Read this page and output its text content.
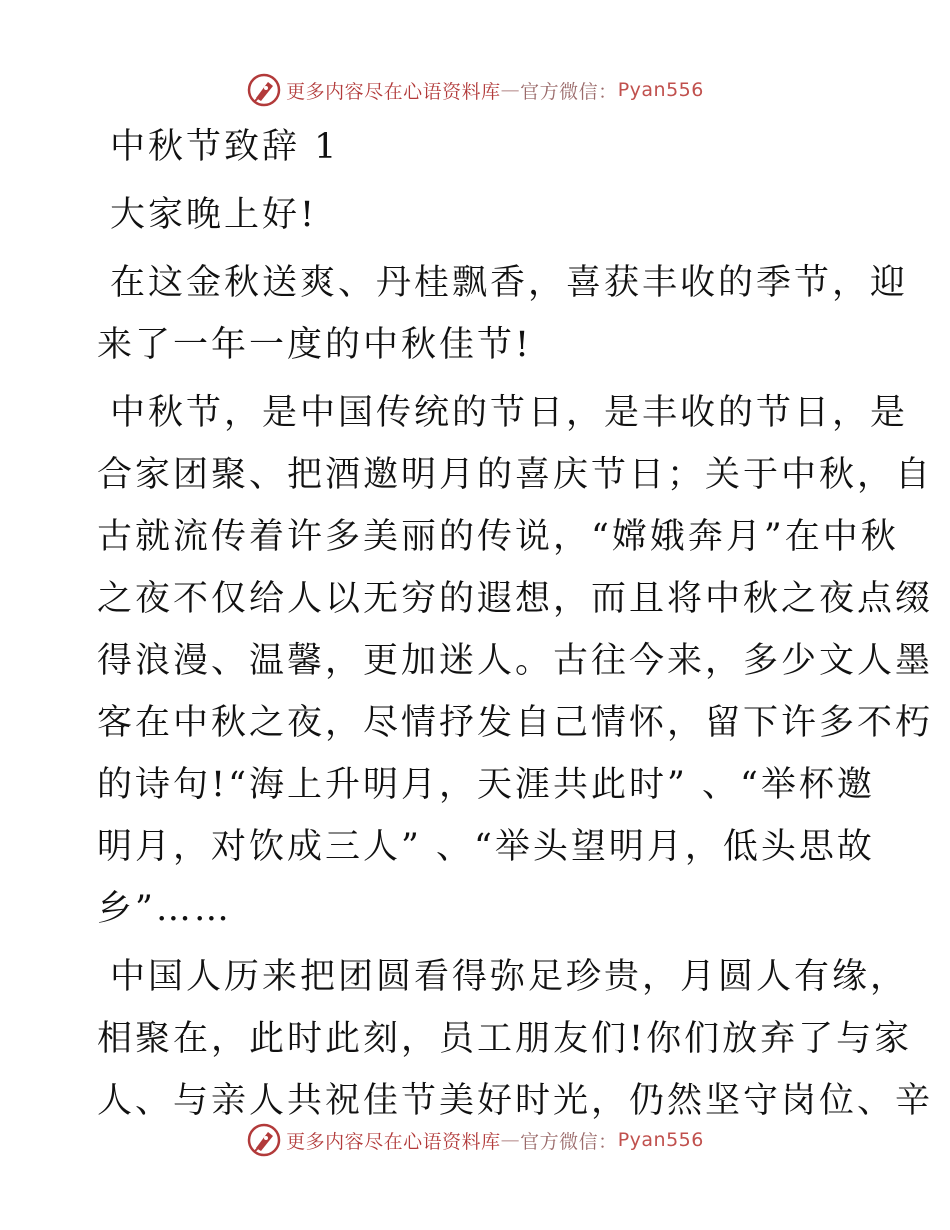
更多内容尽在心语资料库 — 官方微信： Pyan556
中秋节致辞 1
大家晚上好!
在这金秋送爽、丹桂飘香，喜获丰收的季节，迎
来了一年一度的中秋佳节!
中秋节，是中国传统的节日，是丰收的节日，是
合家团聚、把酒邀明月的喜庆节日；关于中秋，自
古就流传着许多美丽的传说，“嫦娥奔月”在中秋
之夜不仅给人以无穷的遐想，而且将中秋之夜点缀
得浪漫、温馨，更加迷人。古往今来，多少文人墨
客在中秋之夜，尽情抒发自己情怀，留下许多不朽
的诗句!“海上升明月，天涯共此时” 、“举杯邀
明月，对饮成三人” 、“举头望明月，低头思故
乡”……
中国人历来把团圆看得弥足珍贵，月圆人有缘，
相聚在，此时此刻，员工朋友们!你们放弃了与家
人、与亲人共祝佳节美好时光，仍然坚守岗位、辛
更多内容尽在心语资料库 — 官方微信： Pyan556
